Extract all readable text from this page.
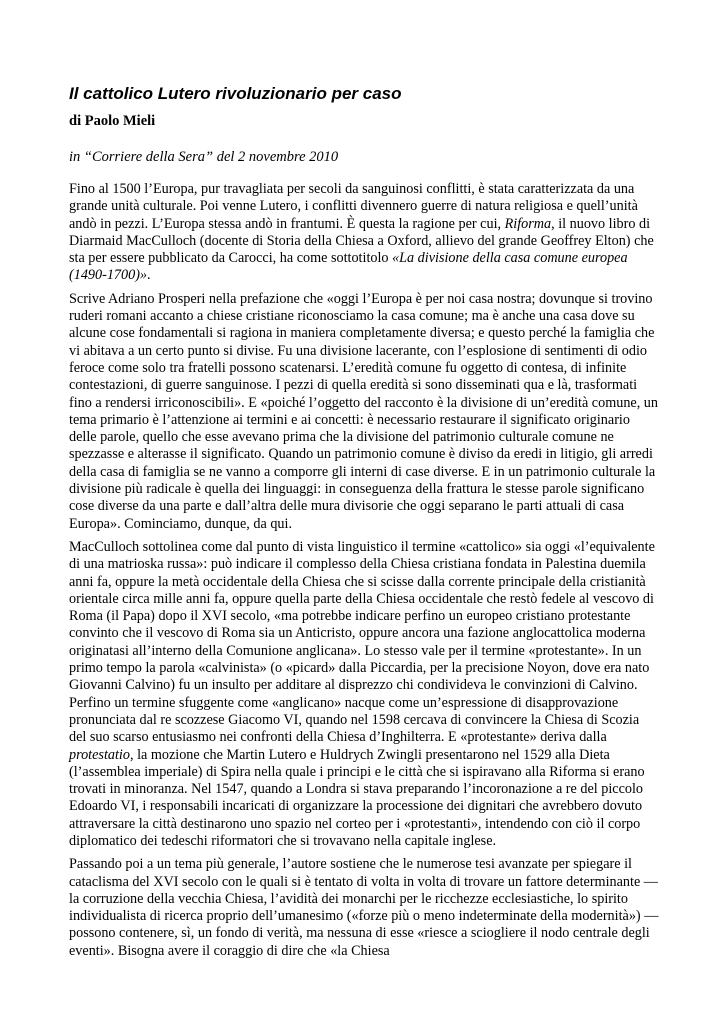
Il cattolico Lutero rivoluzionario per caso
di Paolo Mieli
in “Corriere della Sera” del 2 novembre 2010

Fino al 1500 l’Europa, pur travagliata per secoli da sanguinosi conflitti, è stata caratterizzata da una grande unità culturale. Poi venne Lutero, i conflitti divennero guerre di natura religiosa e quell’unità andò in pezzi. L’Europa stessa andò in frantumi. È questa la ragione per cui, Riforma, il nuovo libro di Diarmaid MacCulloch (docente di Storia della Chiesa a Oxford, allievo del grande Geoffrey Elton) che sta per essere pubblicato da Carocci, ha come sottotitolo «La divisione della casa comune europea (1490-1700)».

Scrive Adriano Prosperi nella prefazione che «oggi l’Europa è per noi casa nostra; dovunque si trovino ruderi romani accanto a chiese cristiane riconosciamo la casa comune; ma è anche una casa dove su alcune cose fondamentali si ragiona in maniera completamente diversa; e questo perché la famiglia che vi abitava a un certo punto si divise. Fu una divisione lacerante, con l’esplosione di sentimenti di odio feroce come solo tra fratelli possono scatenarsi. L’eredità comune fu oggetto di contesa, di infinite contestazioni, di guerre sanguinose. I pezzi di quella eredità si sono disseminati qua e là, trasformati fino a rendersi irriconoscibili». E «poiché l’oggetto del racconto è la divisione di un’eredità comune, un tema primario è l’attenzione ai termini e ai concetti: è necessario restaurare il significato originario delle parole, quello che esse avevano prima che la divisione del patrimonio culturale comune ne spezzasse e alterasse il significato. Quando un patrimonio comune è diviso da eredi in litigio, gli arredi della casa di famiglia se ne vanno a comporre gli interni di case diverse. E in un patrimonio culturale la divisione più radicale è quella dei linguaggi: in conseguenza della frattura le stesse parole significano cose diverse da una parte e dall’altra delle mura divisorie che oggi separano le parti attuali di casa Europa». Cominciamo, dunque, da qui.

MacCulloch sottolinea come dal punto di vista linguistico il termine «cattolico» sia oggi «l’equivalente di una matrioska russa»: può indicare il complesso della Chiesa cristiana fondata in Palestina duemila anni fa, oppure la metà occidentale della Chiesa che si scisse dalla corrente principale della cristianità orientale circa mille anni fa, oppure quella parte della Chiesa occidentale che restò fedele al vescovo di Roma (il Papa) dopo il XVI secolo, «ma potrebbe indicare perfino un europeo cristiano protestante convinto che il vescovo di Roma sia un Anticristo, oppure ancora una fazione anglocattolica moderna originatasi all’interno della Comunione anglicana». Lo stesso vale per il termine «protestante». In un primo tempo la parola «calvinista» (o «picard» dalla Piccardia, per la precisione Noyon, dove era nato Giovanni Calvino) fu un insulto per additare al disprezzo chi condivideva le convinzioni di Calvino. Perfino un termine sfuggente come «anglicano» nacque come un’espressione di disapprovazione pronunciata dal re scozzese Giacomo VI, quando nel 1598 cercava di convincere la Chiesa di Scozia del suo scarso entusiasmo nei confronti della Chiesa d’Inghilterra. E «protestante» deriva dalla protestatio, la mozione che Martin Lutero e Huldrych Zwingli presentarono nel 1529 alla Dieta (l’assemblea imperiale) di Spira nella quale i principi e le città che si ispiravano alla Riforma si erano trovati in minoranza. Nel 1547, quando a Londra si stava preparando l’incoronazione a re del piccolo Edoardo VI, i responsabili incaricati di organizzare la processione dei dignitari che avrebbero dovuto attraversare la città destinarono uno spazio nel corteo per i «protestanti», intendendo con ciò il corpo diplomatico dei tedeschi riformatori che si trovavano nella capitale inglese.

Passando poi a un tema più generale, l’autore sostiene che le numerose tesi avanzate per spiegare il cataclisma del XVI secolo con le quali si è tentato di volta in volta di trovare un fattore determinante — la corruzione della vecchia Chiesa, l’avidità dei monarchi per le ricchezze ecclesiastiche, lo spirito individualista di ricerca proprio dell’umanesimo («forze più o meno indeterminate della modernità») — possono contenere, sì, un fondo di verità, ma nessuna di esse «riesce a sciogliere il nodo centrale degli eventi». Bisogna avere il coraggio di dire che «la Chiesa
